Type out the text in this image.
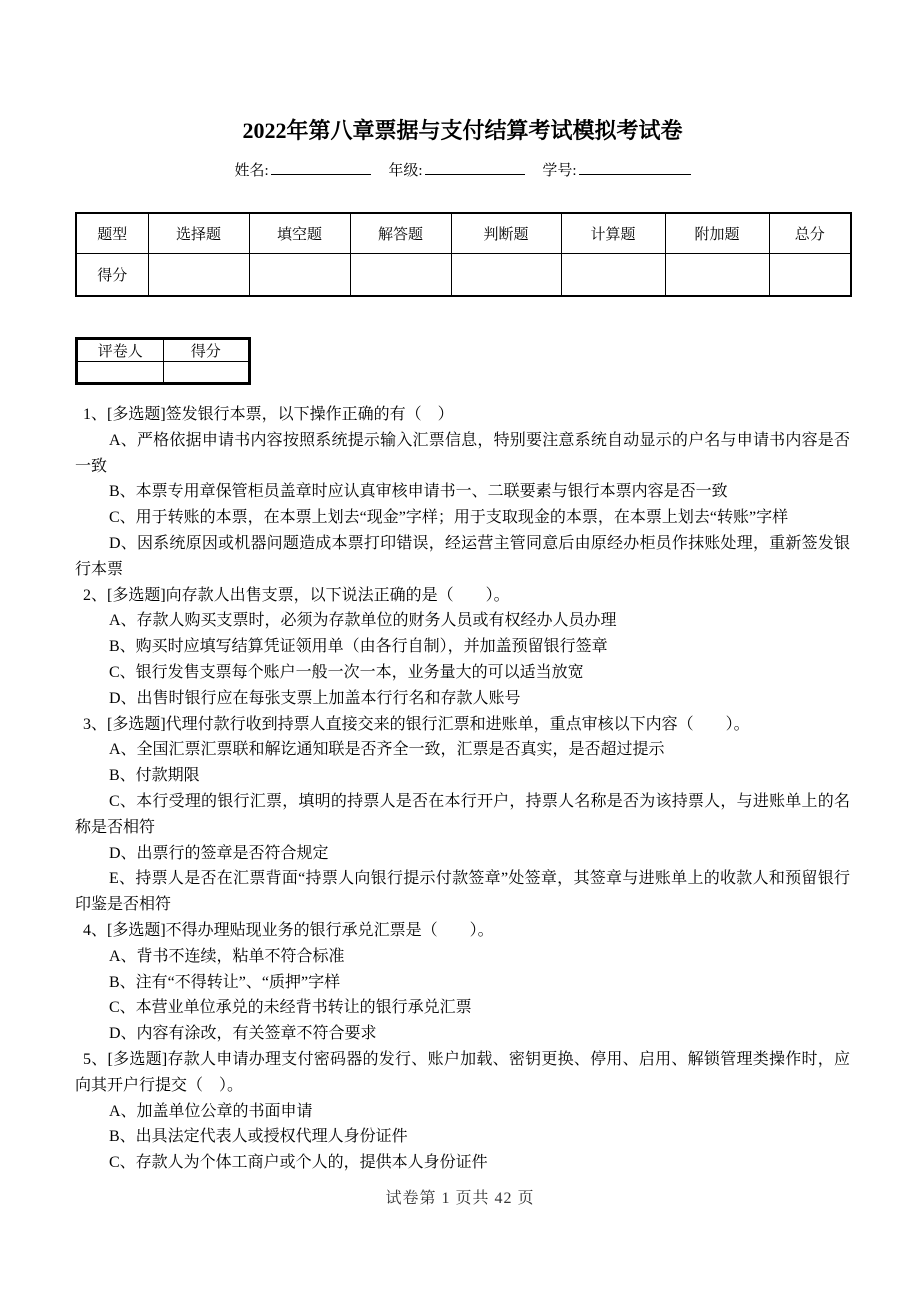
2022年第八章票据与支付结算考试模拟考试卷
姓名:	年级:	学号:
题型	选择题	填空题	解答题	判断题	计算题	附加题	总分
得分							
评卷人	得分

1、[多选题]签发银行本票，以下操作正确的有（　）

A、严格依据申请书内容按照系统提示输入汇票信息，特别要注意系统自动显示的户名与申请书内容是否一致

B、本票专用章保管柜员盖章时应认真审核申请书一、二联要素与银行本票内容是否一致

C、用于转账的本票，在本票上划去“现金”字样；用于支取现金的本票，在本票上划去“转账”字样

D、因系统原因或机器问题造成本票打印错误，经运营主管同意后由原经办柜员作抹账处理，重新签发银行本票

2、[多选题]向存款人出售支票，以下说法正确的是（　　）。

A、存款人购买支票时，必须为存款单位的财务人员或有权经办人员办理

B、购买时应填写结算凭证领用单（由各行自制），并加盖预留银行签章

C、银行发售支票每个账户一般一次一本，业务量大的可以适当放宽

D、出售时银行应在每张支票上加盖本行行名和存款人账号

3、[多选题]代理付款行收到持票人直接交来的银行汇票和进账单，重点审核以下内容（　　）。

A、全国汇票汇票联和解讫通知联是否齐全一致，汇票是否真实，是否超过提示

B、付款期限

C、本行受理的银行汇票，填明的持票人是否在本行开户，持票人名称是否为该持票人，与进账单上的名称是否相符

D、出票行的签章是否符合规定

E、持票人是否在汇票背面“持票人向银行提示付款签章”处签章，其签章与进账单上的收款人和预留银行印鉴是否相符

4、[多选题]不得办理贴现业务的银行承兑汇票是（　　）。

A、背书不连续，粘单不符合标准

B、注有“不得转让”、“质押”字样

C、本营业单位承兑的未经背书转让的银行承兑汇票

D、内容有涂改，有关签章不符合要求

5、[多选题]存款人申请办理支付密码器的发行、账户加载、密钥更换、停用、启用、解锁管理类操作时，应向其开户行提交（　）。

A、加盖单位公章的书面申请

B、出具法定代表人或授权代理人身份证件

C、存款人为个体工商户或个人的，提供本人身份证件

试卷第 1 页共 42 页
